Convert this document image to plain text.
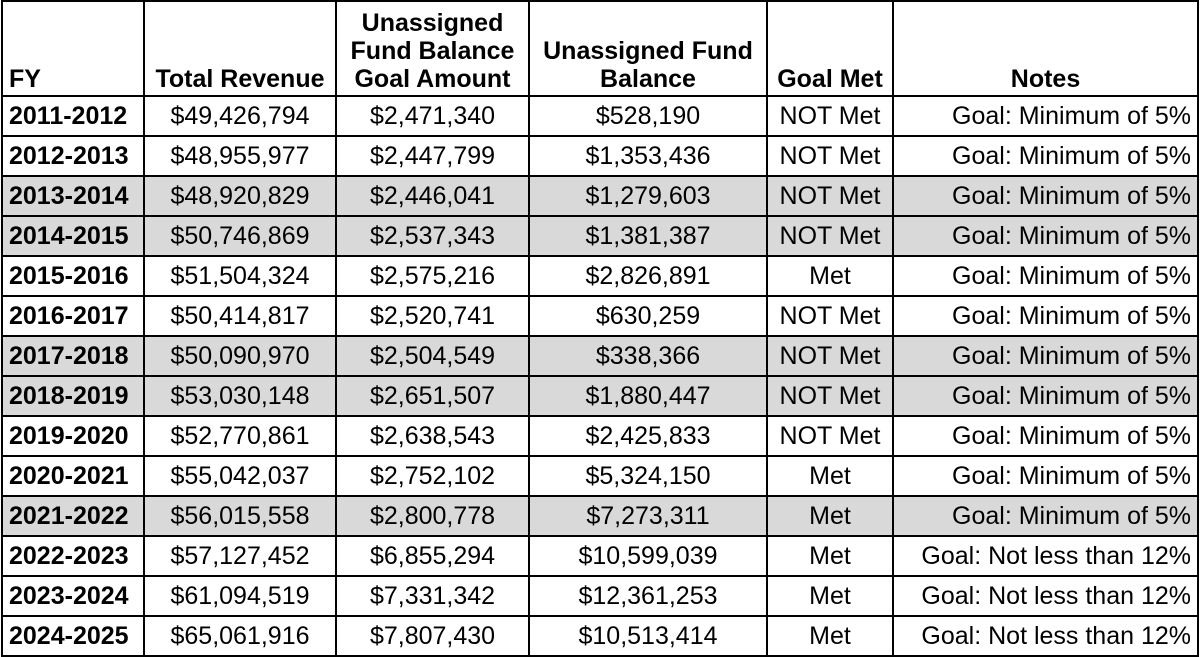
FY	Total Revenue	Unassigned Fund Balance Goal Amount	Unassigned Fund Balance	Goal Met	Notes
2011-2012	$49,426,794	$2,471,340	$528,190	NOT Met	Goal: Minimum of 5%
2012-2013	$48,955,977	$2,447,799	$1,353,436	NOT Met	Goal: Minimum of 5%
2013-2014	$48,920,829	$2,446,041	$1,279,603	NOT Met	Goal: Minimum of 5%
2014-2015	$50,746,869	$2,537,343	$1,381,387	NOT Met	Goal: Minimum of 5%
2015-2016	$51,504,324	$2,575,216	$2,826,891	Met	Goal: Minimum of 5%
2016-2017	$50,414,817	$2,520,741	$630,259	NOT Met	Goal: Minimum of 5%
2017-2018	$50,090,970	$2,504,549	$338,366	NOT Met	Goal: Minimum of 5%
2018-2019	$53,030,148	$2,651,507	$1,880,447	NOT Met	Goal: Minimum of 5%
2019-2020	$52,770,861	$2,638,543	$2,425,833	NOT Met	Goal: Minimum of 5%
2020-2021	$55,042,037	$2,752,102	$5,324,150	Met	Goal: Minimum of 5%
2021-2022	$56,015,558	$2,800,778	$7,273,311	Met	Goal: Minimum of 5%
2022-2023	$57,127,452	$6,855,294	$10,599,039	Met	Goal: Not less than 12%
2023-2024	$61,094,519	$7,331,342	$12,361,253	Met	Goal: Not less than 12%
2024-2025	$65,061,916	$7,807,430	$10,513,414	Met	Goal: Not less than 12%
